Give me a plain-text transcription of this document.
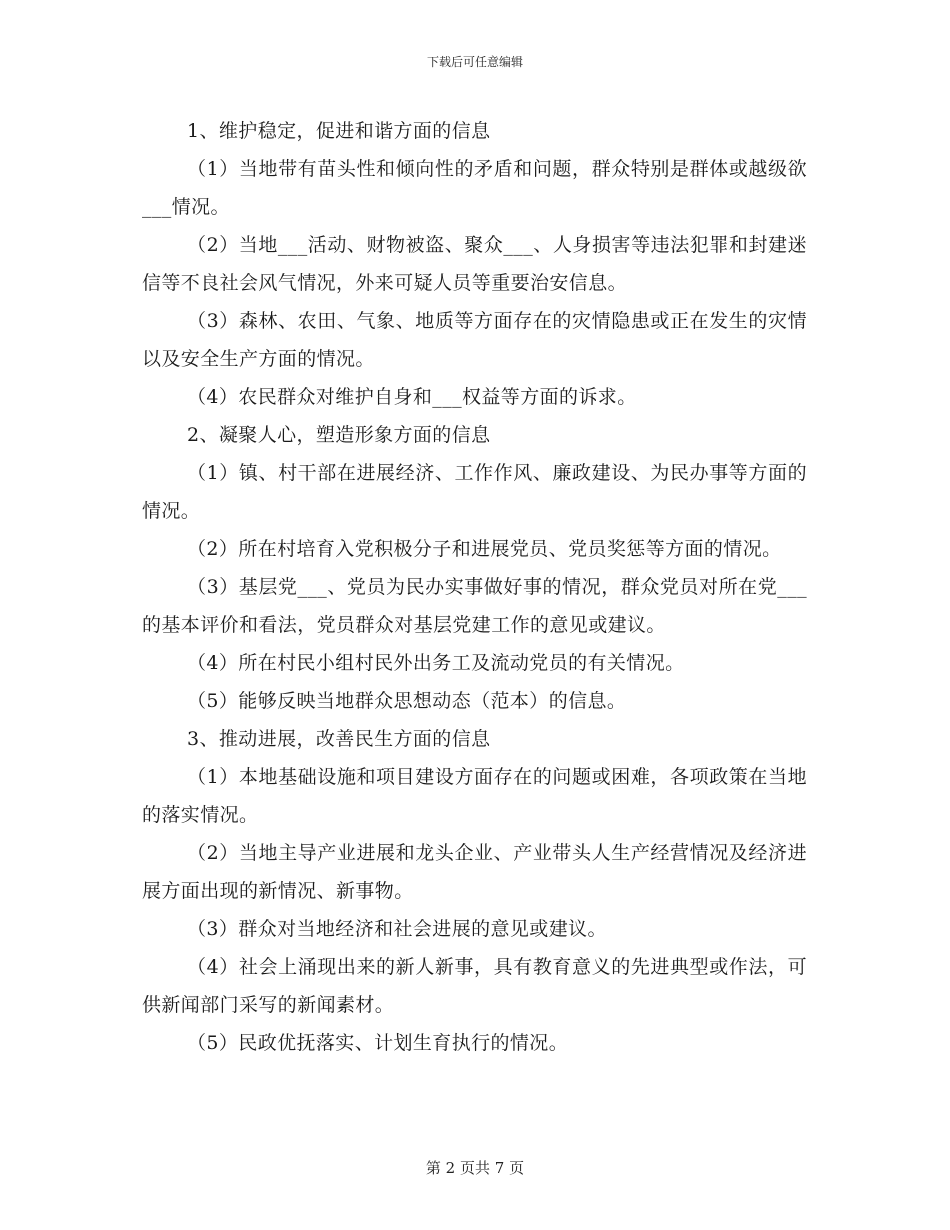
下载后可任意编辑

1、维护稳定，促进和谐方面的信息

（1）当地带有苗头性和倾向性的矛盾和问题，群众特别是群体或越级欲___情况。

（2）当地___活动、财物被盗、聚众___、人身损害等违法犯罪和封建迷信等不良社会风气情况，外来可疑人员等重要治安信息。

（3）森林、农田、气象、地质等方面存在的灾情隐患或正在发生的灾情以及安全生产方面的情况。

（4）农民群众对维护自身和___权益等方面的诉求。

2、凝聚人心，塑造形象方面的信息

（1）镇、村干部在进展经济、工作作风、廉政建设、为民办事等方面的情况。

（2）所在村培育入党积极分子和进展党员、党员奖惩等方面的情况。

（3）基层党___、党员为民办实事做好事的情况，群众党员对所在党___的基本评价和看法，党员群众对基层党建工作的意见或建议。

（4）所在村民小组村民外出务工及流动党员的有关情况。

（5）能够反映当地群众思想动态（范本）的信息。

3、推动进展，改善民生方面的信息

（1）本地基础设施和项目建设方面存在的问题或困难，各项政策在当地的落实情况。

（2）当地主导产业进展和龙头企业、产业带头人生产经营情况及经济进展方面出现的新情况、新事物。

（3）群众对当地经济和社会进展的意见或建议。

（4）社会上涌现出来的新人新事，具有教育意义的先进典型或作法，可供新闻部门采写的新闻素材。

（5）民政优抚落实、计划生育执行的情况。

第 2 页共 7 页
